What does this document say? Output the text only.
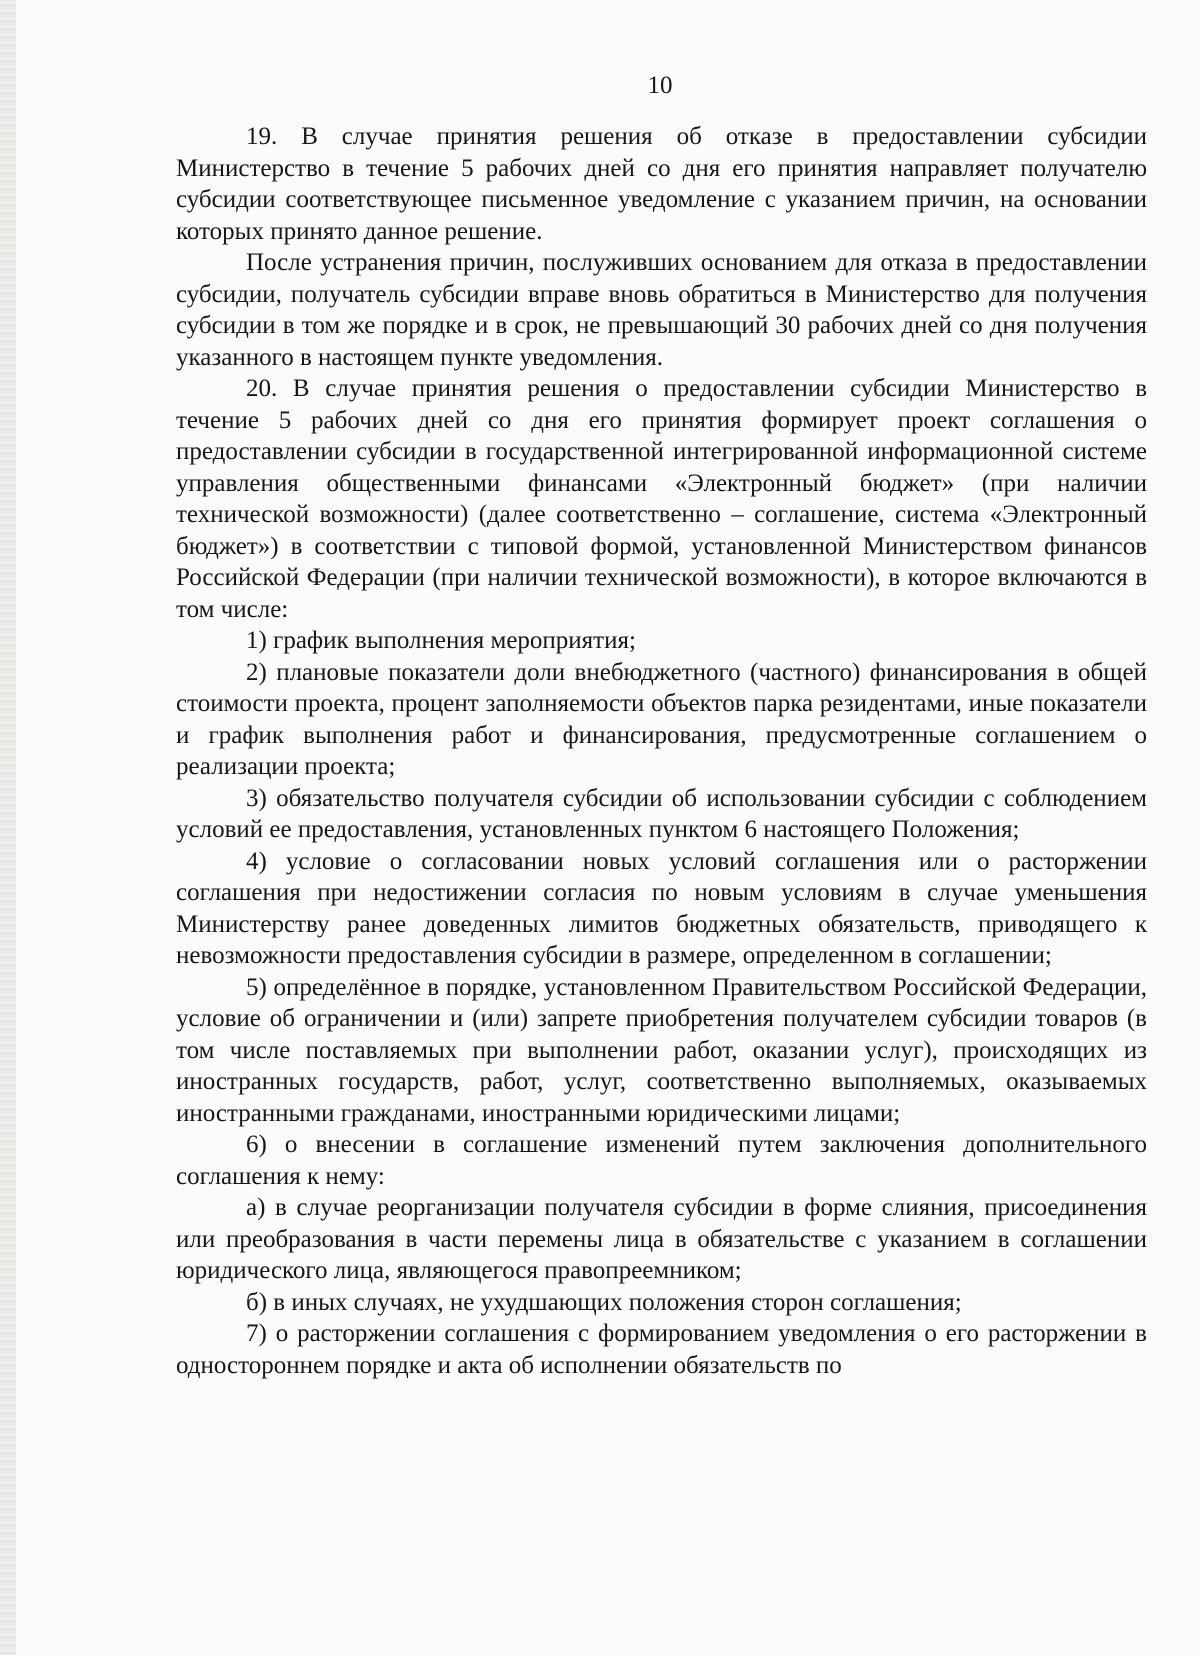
10

19. В случае принятия решения об отказе в предоставлении субсидии Министерство в течение 5 рабочих дней со дня его принятия направляет получателю субсидии соответствующее письменное уведомление с указанием причин, на основании которых принято данное решение.

После устранения причин, послуживших основанием для отказа в предоставлении субсидии, получатель субсидии вправе вновь обратиться в Министерство для получения субсидии в том же порядке и в срок, не превышающий 30 рабочих дней со дня получения указанного в настоящем пункте уведомления.

20. В случае принятия решения о предоставлении субсидии Министерство в течение 5 рабочих дней со дня его принятия формирует проект соглашения о предоставлении субсидии в государственной интегрированной информационной системе управления общественными финансами «Электронный бюджет» (при наличии технической возможности) (далее соответственно – соглашение, система «Электронный бюджет») в соответствии с типовой формой, установленной Министерством финансов Российской Федерации (при наличии технической возможности), в которое включаются в том числе:

1) график выполнения мероприятия;

2) плановые показатели доли внебюджетного (частного) финансирования в общей стоимости проекта, процент заполняемости объектов парка резидентами, иные показатели и график выполнения работ и финансирования, предусмотренные соглашением о реализации проекта;

3) обязательство получателя субсидии об использовании субсидии с соблюдением условий ее предоставления, установленных пунктом 6 настоящего Положения;

4) условие о согласовании новых условий соглашения или о расторжении соглашения при недостижении согласия по новым условиям в случае уменьшения Министерству ранее доведенных лимитов бюджетных обязательств, приводящего к невозможности предоставления субсидии в размере, определенном в соглашении;

5) определённое в порядке, установленном Правительством Российской Федерации, условие об ограничении и (или) запрете приобретения получателем субсидии товаров (в том числе поставляемых при выполнении работ, оказании услуг), происходящих из иностранных государств, работ, услуг, соответственно выполняемых, оказываемых иностранными гражданами, иностранными юридическими лицами;

6) о внесении в соглашение изменений путем заключения дополнительного соглашения к нему:

а) в случае реорганизации получателя субсидии в форме слияния, присоединения или преобразования в части перемены лица в обязательстве с указанием в соглашении юридического лица, являющегося правопреемником;

б) в иных случаях, не ухудшающих положения сторон соглашения;

7) о расторжении соглашения с формированием уведомления о его расторжении в одностороннем порядке и акта об исполнении обязательств по
